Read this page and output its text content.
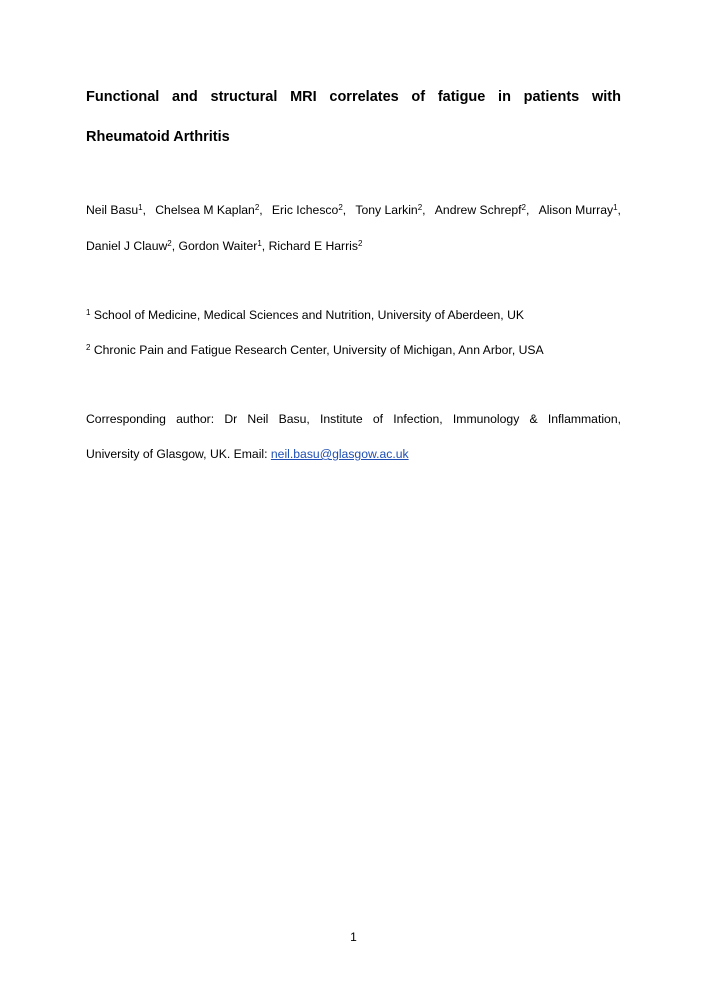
Functional and structural MRI correlates of fatigue in patients with
Rheumatoid Arthritis
Neil Basu$^1$, Chelsea M Kaplan$^2$, Eric Ichesco$^2$, Tony Larkin$^2$, Andrew Schrepf$^2$, Alison Murray$^1$,
Daniel J Clauw$^2$, Gordon Waiter$^1$, Richard E Harris$^2$
$^1$ School of Medicine, Medical Sciences and Nutrition, University of Aberdeen, UK
$^2$ Chronic Pain and Fatigue Research Center, University of Michigan, Ann Arbor, USA
Corresponding author: Dr Neil Basu, Institute of Infection, Immunology & Inflammation,
University of Glasgow, UK. Email: neil.basu@glasgow.ac.uk
1
